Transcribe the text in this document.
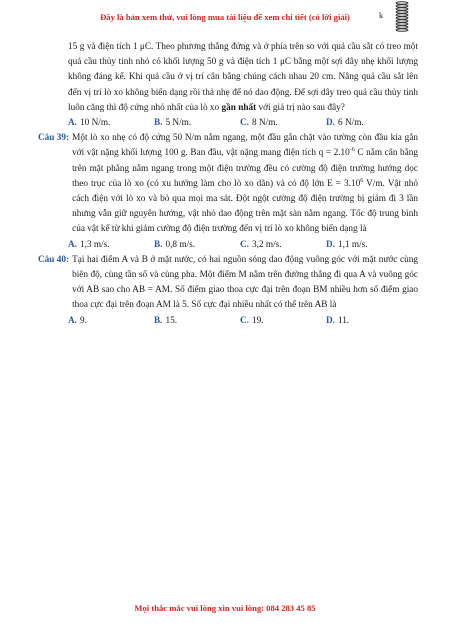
Đây là bản xem thử, vui lòng mua tài liệu để xem chi tiết (có lời giải)	k

15 g và điện tích 1 μC. Theo phương thẳng đứng và ở phía trên so với quả cầu sắt có treo một quả cầu thủy tinh nhỏ có khối lượng 50 g và điện tích 1 μC bằng một sợi dây nhẹ khối lượng không đáng kể. Khi quả cầu ở vị trí cân bằng chúng cách nhau 20 cm. Nâng quả cầu sắt lên đến vị trí lò xo không biến dạng rồi thả nhẹ để nó dao động. Để sợi dây treo quả cầu thủy tinh luôn căng thì độ cứng nhỏ nhất của lò xo gần nhất với giá trị nào sau đây?

A. 10 N/m.	B. 5 N/m.	C. 8 N/m.	D. 6 N/m.
Câu 39: Một lò xo nhẹ có độ cứng 50 N/m nằm ngang, một đầu gắn chặt vào tường còn đầu kia gắn với vật nặng khối lượng 100 g. Ban đầu, vật nặng mang điện tích $q = 2.10^{-6}$ C nằm cân bằng trên mặt phẳng nằm ngang trong một điện trường đều có cường độ điện trường hướng dọc theo trục của lò xo (có xu hướng làm cho lò xo dãn) và có độ lớn $E = 3.10^6$ V/m. Vật nhỏ cách điện với lò xo và bỏ qua mọi ma sát. Đột ngột cường độ điện trường bị giảm đi 3 lần nhưng vẫn giữ nguyên hướng, vật nhỏ dao động trên mặt sàn nằm ngang. Tốc độ trung bình của vật kể từ khi giảm cường độ điện trường đến vị trí lò xo không biến dạng là
A. 1,3 m/s.	B. 0,8 m/s.	C. 3,2 m/s.	D. 1,1 m/s.
Câu 40: Tại hai điểm A và B ở mặt nước, có hai nguồn sóng dao động vuông góc với mặt nước cùng biên độ, cùng tần số và cùng pha. Một điểm M nằm trên đường thẳng đi qua A và vuông góc với AB sao cho AB = AM. Số điểm giao thoa cực đại trên đoạn BM nhiều hơn số điểm giao thoa cực đại trên đoạn AM là 5. Số cực đại nhiều nhất có thể trên AB là
A. 9.	B. 15.	C. 19.	D. 11.
Mọi thắc mắc vui lòng xin vui lòng: 084 283 45 85
